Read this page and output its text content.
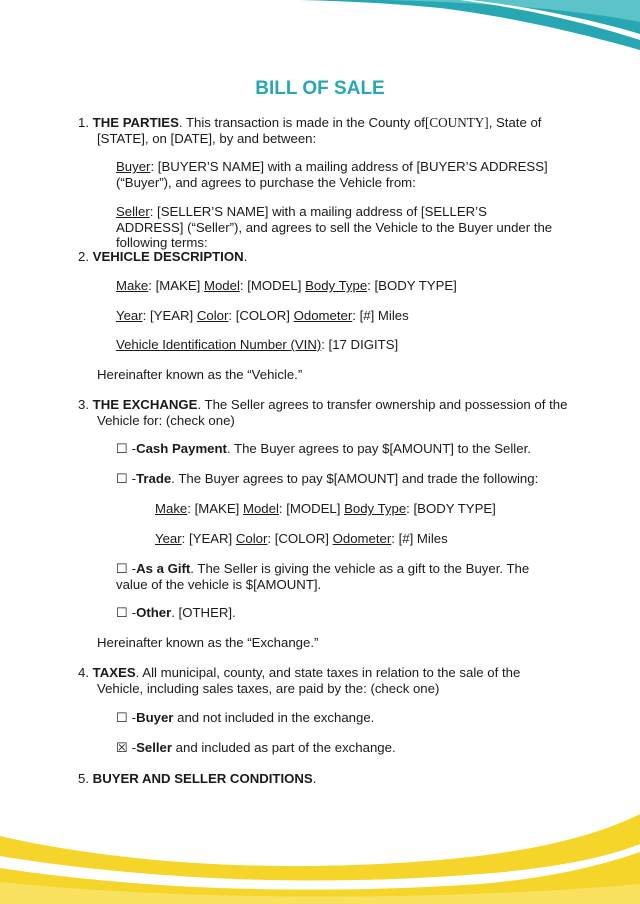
BILL OF SALE

1. THE PARTIES. This transaction is made in the County of[COUNTY], State of [STATE], on [DATE], by and between:

Buyer: [BUYER’S NAME] with a mailing address of [BUYER’S ADDRESS] (“Buyer”), and agrees to purchase the Vehicle from:

Seller: [SELLER’S NAME] with a mailing address of [SELLER’S ADDRESS] (“Seller”), and agrees to sell the Vehicle to the Buyer under the following terms:

2. VEHICLE DESCRIPTION.

Make: [MAKE] Model: [MODEL] Body Type: [BODY TYPE]

Year: [YEAR] Color: [COLOR] Odometer: [#] Miles

Vehicle Identification Number (VIN): [17 DIGITS]

Hereinafter known as the “Vehicle.”

3. THE EXCHANGE. The Seller agrees to transfer ownership and possession of the Vehicle for: (check one)

☐ -Cash Payment. The Buyer agrees to pay $[AMOUNT] to the Seller.

☐ -Trade. The Buyer agrees to pay $[AMOUNT] and trade the following:

Make: [MAKE] Model: [MODEL] Body Type: [BODY TYPE]

Year: [YEAR] Color: [COLOR] Odometer: [#] Miles

☐ -As a Gift. The Seller is giving the vehicle as a gift to the Buyer. The value of the vehicle is $[AMOUNT].

☐ -Other. [OTHER].

Hereinafter known as the “Exchange.”

4. TAXES. All municipal, county, and state taxes in relation to the sale of the Vehicle, including sales taxes, are paid by the: (check one)

☐ -Buyer and not included in the exchange.

☒ -Seller and included as part of the exchange.

5. BUYER AND SELLER CONDITIONS.
